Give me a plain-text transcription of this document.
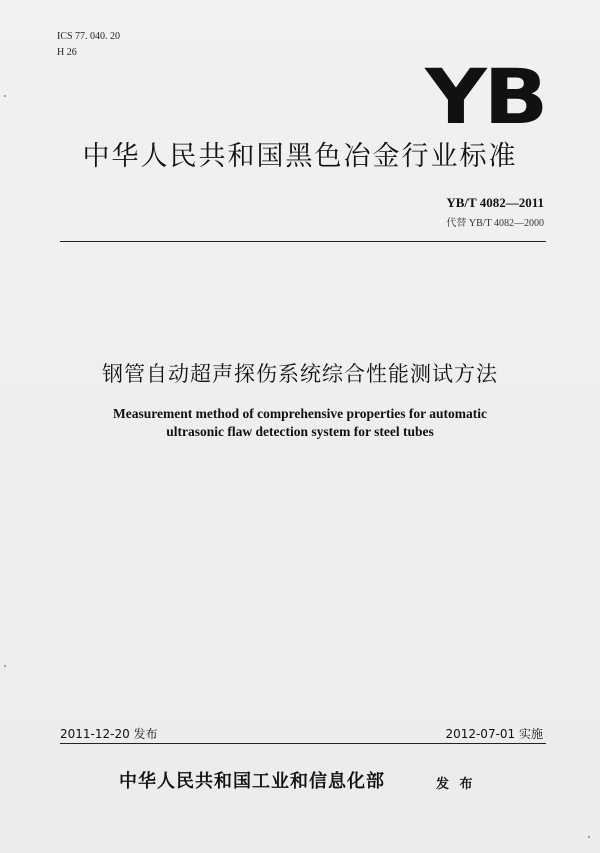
ICS 77. 040. 20
H 26	YB
中华人民共和国黑色冶金行业标准
YB/T 4082—2011
代替 YB/T 4082—2000
钢管自动超声探伤系统综合性能测试方法
Measurement method of comprehensive properties for automatic
ultrasonic flaw detection system for steel tubes
2011-12-20 发布	2012-07-01 实施
中华人民共和国工业和信息化部	发 布
